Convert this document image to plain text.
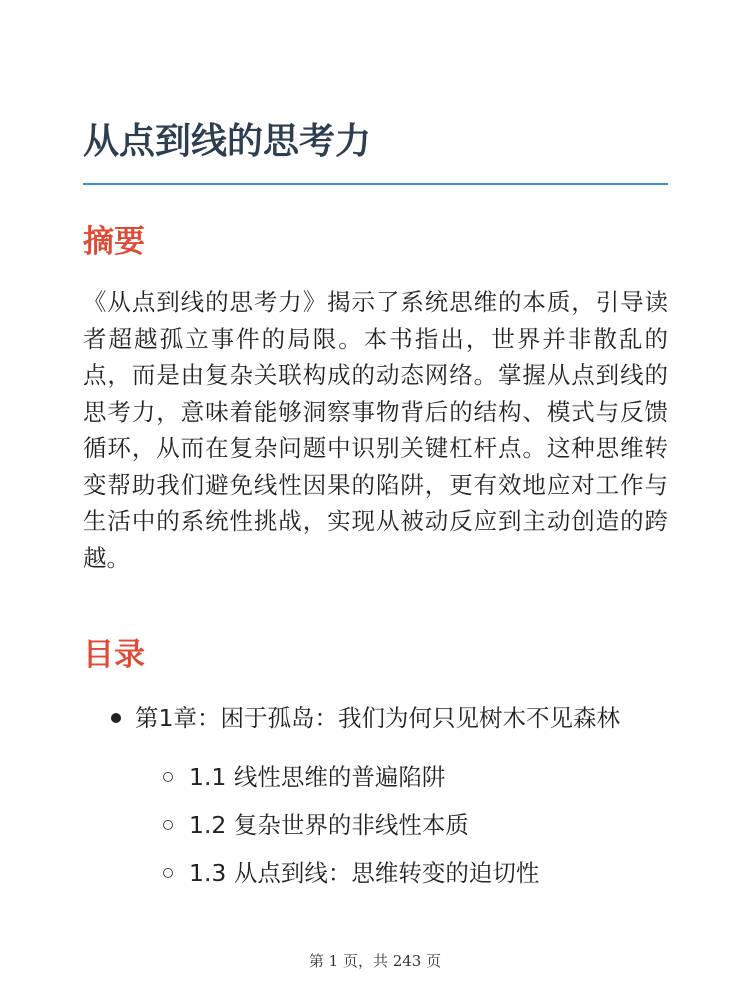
从点到线的思考力
摘要

《从点到线的思考力》揭示了系统思维的本质，引导读者超越孤立事件的局限。本书指出，世界并非散乱的点，而是由复杂关联构成的动态网络。掌握从点到线的思考力，意味着能够洞察事物背后的结构、模式与反馈循环，从而在复杂问题中识别关键杠杆点。这种思维转变帮助我们避免线性因果的陷阱，更有效地应对工作与生活中的系统性挑战，实现从被动反应到主动创造的跨越。

目录
第1章：困于孤岛：我们为何只见树木不见森林
1.1 线性思维的普遍陷阱
1.2 复杂世界的非线性本质
1.3 从点到线：思维转变的迫切性
第 1 页，共 243 页
